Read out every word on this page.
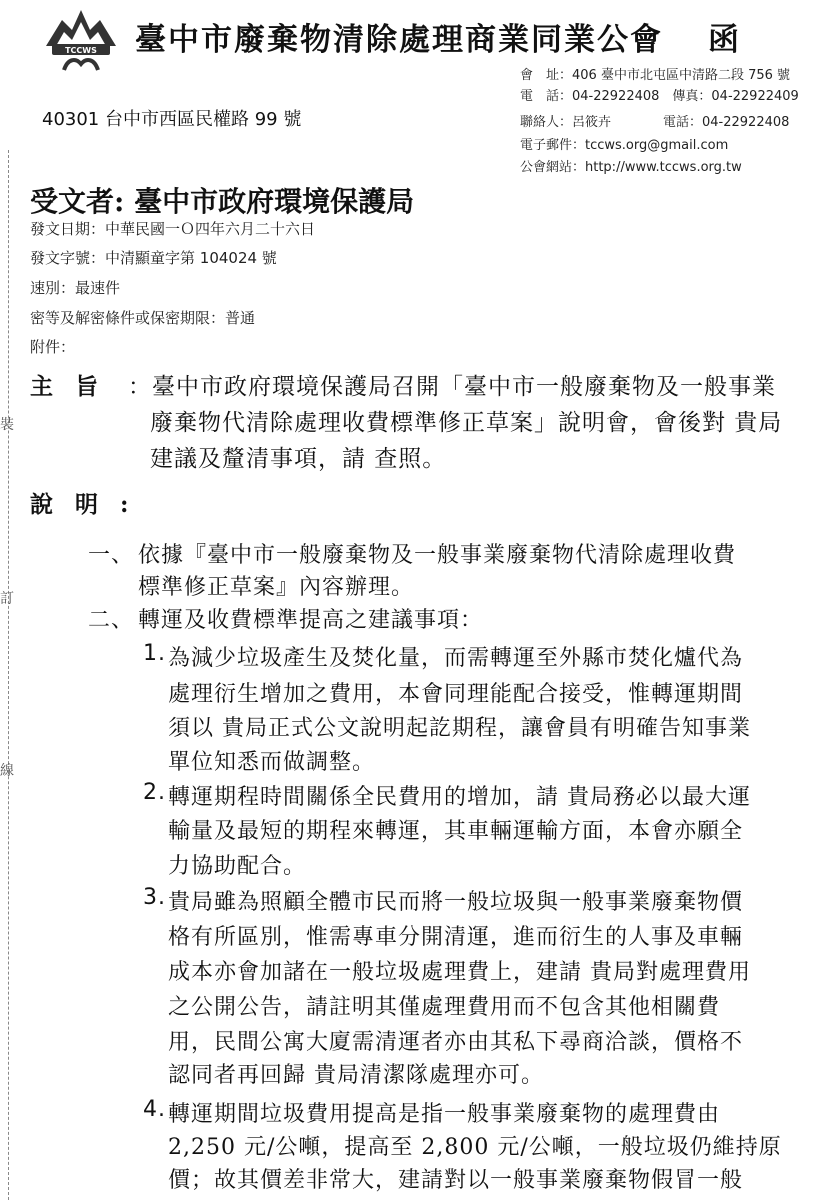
TCCWS 臺中市廢棄物清除處理商業同業公會 函
會　址：406 臺中市北屯區中清路二段 756 號
電　話：04-22922408　傳真：04-22922409
聯絡人：呂筱卉　　　　電話：04-22922408
電子郵件：tccws.org@gmail.com
公會網站：http://www.tccws.org.tw
40301 台中市西區民權路 99 號
受文者: 臺中市政府環境保護局
發文日期：中華民國一Ｏ四年六月二十六日
發文字號：中清顯童字第 104024 號
速別：最速件
密等及解密條件或保密期限：普通
附件：
裝
訂
線
主旨 ：臺中市政府環境保護局召開「臺中市一般廢棄物及一般事業
廢棄物代清除處理收費標準修正草案」說明會，會後對 貴局
建議及釐清事項，請 查照。
說明:
一、 依據『臺中市一般廢棄物及一般事業廢棄物代清除處理收費
標準修正草案』內容辦理。
二、 轉運及收費標準提高之建議事項：
1. 為減少垃圾產生及焚化量，而需轉運至外縣市焚化爐代為
處理衍生增加之費用，本會同理能配合接受，惟轉運期間
須以 貴局正式公文說明起訖期程，讓會員有明確告知事業
單位知悉而做調整。
2. 轉運期程時間關係全民費用的增加，請 貴局務必以最大運
輸量及最短的期程來轉運，其車輛運輸方面，本會亦願全
力協助配合。
3. 貴局雖為照顧全體市民而將一般垃圾與一般事業廢棄物價
格有所區別，惟需專車分開清運，進而衍生的人事及車輛
成本亦會加諸在一般垃圾處理費上，建請 貴局對處理費用
之公開公告，請註明其僅處理費用而不包含其他相關費
用，民間公寓大廈需清運者亦由其私下尋商洽談，價格不
認同者再回歸 貴局清潔隊處理亦可。
4. 轉運期間垃圾費用提高是指一般事業廢棄物的處理費由
2,250 元/公噸，提高至 2,800 元/公噸，一般垃圾仍維持原
價；故其價差非常大，建請對以一般事業廢棄物假冒一般
